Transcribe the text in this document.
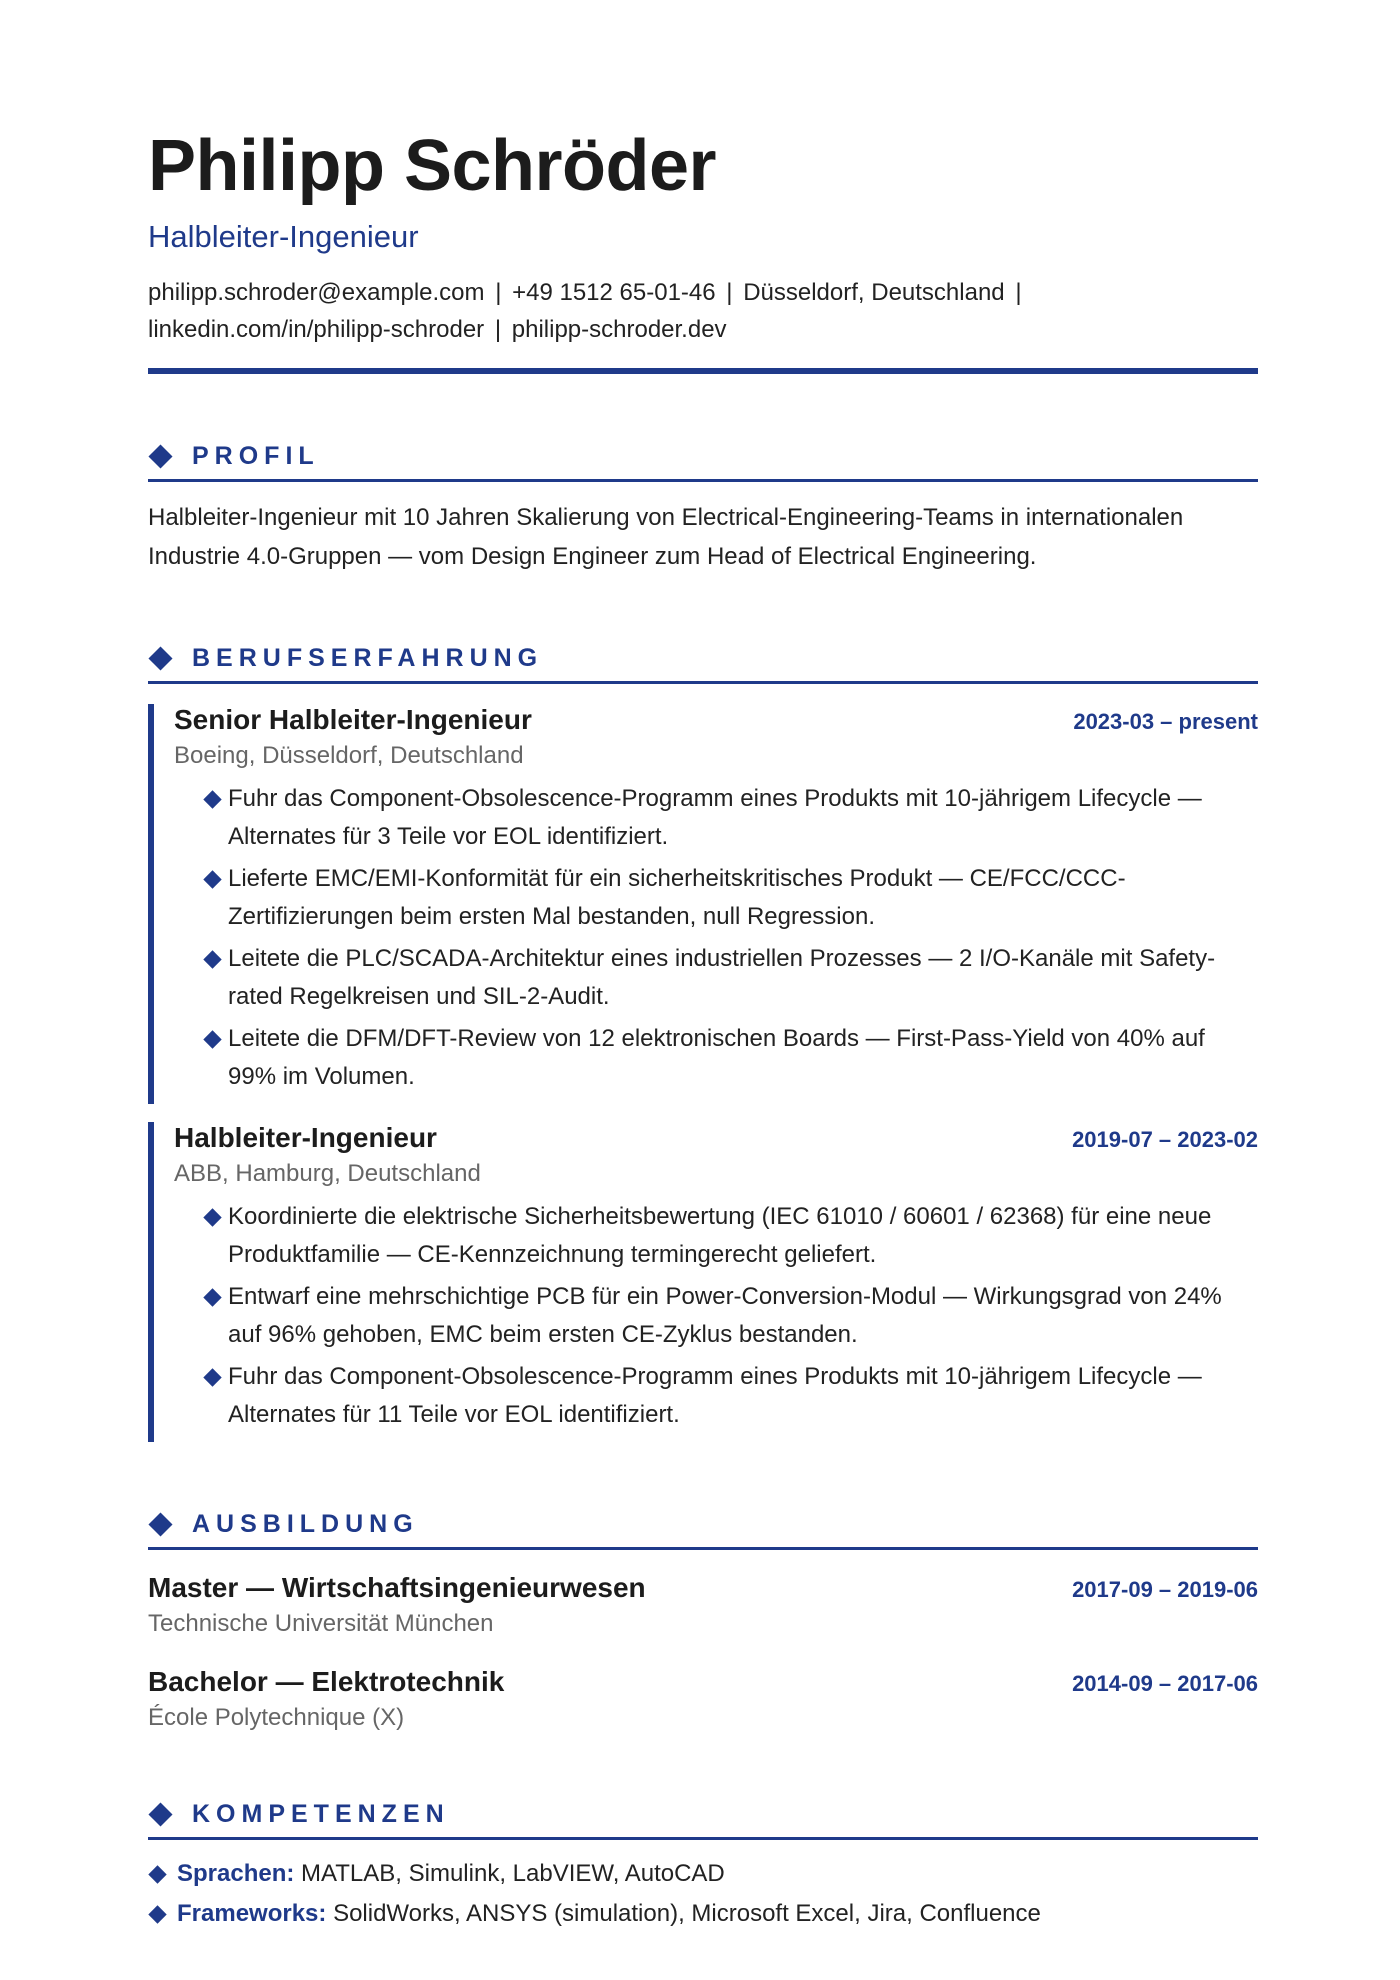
Philipp Schröder
Halbleiter-Ingenieur
philipp.schroder@example.com | +49 1512 65-01-46 | Düsseldorf, Deutschland |
linkedin.com/in/philipp-schroder | philipp-schroder.dev
PROFIL
Halbleiter-Ingenieur mit 10 Jahren Skalierung von Electrical-Engineering-Teams in internationalen Industrie 4.0-Gruppen — vom Design Engineer zum Head of Electrical Engineering.
BERUFSERFAHRUNG
Senior Halbleiter-Ingenieur	2023-03 – present
Boeing, Düsseldorf, Deutschland
Fuhr das Component-Obsolescence-Programm eines Produkts mit 10-jährigem Lifecycle — Alternates für 3 Teile vor EOL identifiziert.
Lieferte EMC/EMI-Konformität für ein sicherheitskritisches Produkt — CE/FCC/CCC-Zertifizierungen beim ersten Mal bestanden, null Regression.
Leitete die PLC/SCADA-Architektur eines industriellen Prozesses — 2 I/O-Kanäle mit Safety-rated Regelkreisen und SIL-2-Audit.
Leitete die DFM/DFT-Review von 12 elektronischen Boards — First-Pass-Yield von 40% auf 99% im Volumen.
Halbleiter-Ingenieur	2019-07 – 2023-02
ABB, Hamburg, Deutschland
Koordinierte die elektrische Sicherheitsbewertung (IEC 61010 / 60601 / 62368) für eine neue Produktfamilie — CE-Kennzeichnung termingerecht geliefert.
Entwarf eine mehrschichtige PCB für ein Power-Conversion-Modul — Wirkungsgrad von 24% auf 96% gehoben, EMC beim ersten CE-Zyklus bestanden.
Fuhr das Component-Obsolescence-Programm eines Produkts mit 10-jährigem Lifecycle — Alternates für 11 Teile vor EOL identifiziert.
AUSBILDUNG
Master — Wirtschaftsingenieurwesen	2017-09 – 2019-06
Technische Universität München
Bachelor — Elektrotechnik	2014-09 – 2017-06
École Polytechnique (X)
KOMPETENZEN
Sprachen: MATLAB, Simulink, LabVIEW, AutoCAD
Frameworks: SolidWorks, ANSYS (simulation), Microsoft Excel, Jira, Confluence
